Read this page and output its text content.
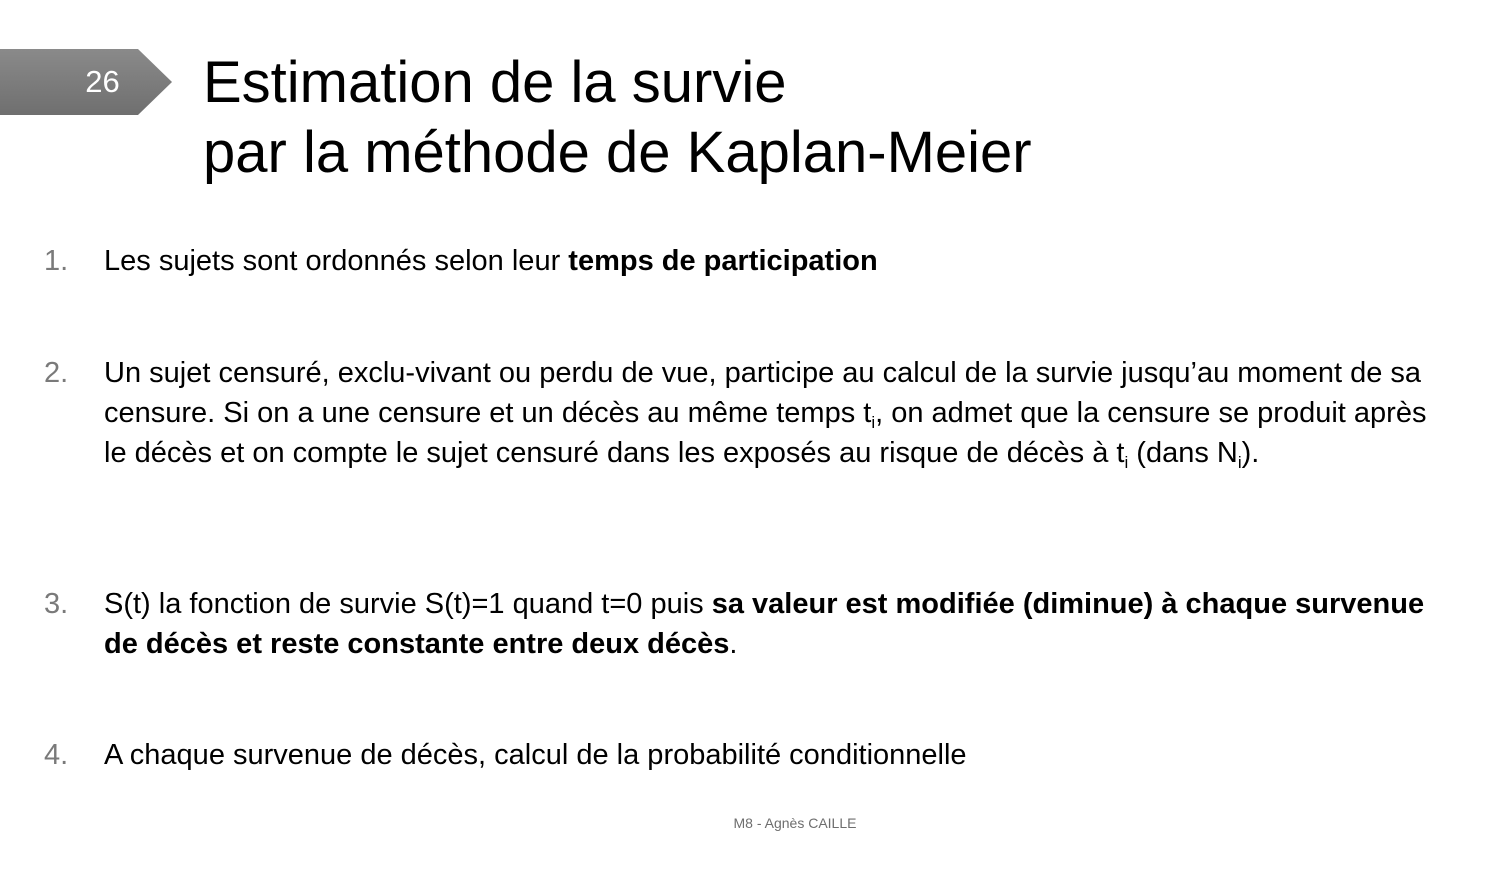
26	Estimation de la survie
par la méthode de Kaplan-Meier
1. Les sujets sont ordonnés selon leur temps de participation
2. Un sujet censuré, exclu-vivant ou perdu de vue, participe au calcul de la survie jusqu’au moment de sa censure. Si on a une censure et un décès au même temps $t_i$, on admet que la censure se produit après le décès et on compte le sujet censuré dans les exposés au risque de décès à $t_i$ (dans $N_i$).
3. S(t) la fonction de survie S(t)=1 quand t=0 puis sa valeur est modifiée (diminue) à chaque survenue de décès et reste constante entre deux décès.
4. A chaque survenue de décès, calcul de la probabilité conditionnelle
M8 - Agnès CAILLE
